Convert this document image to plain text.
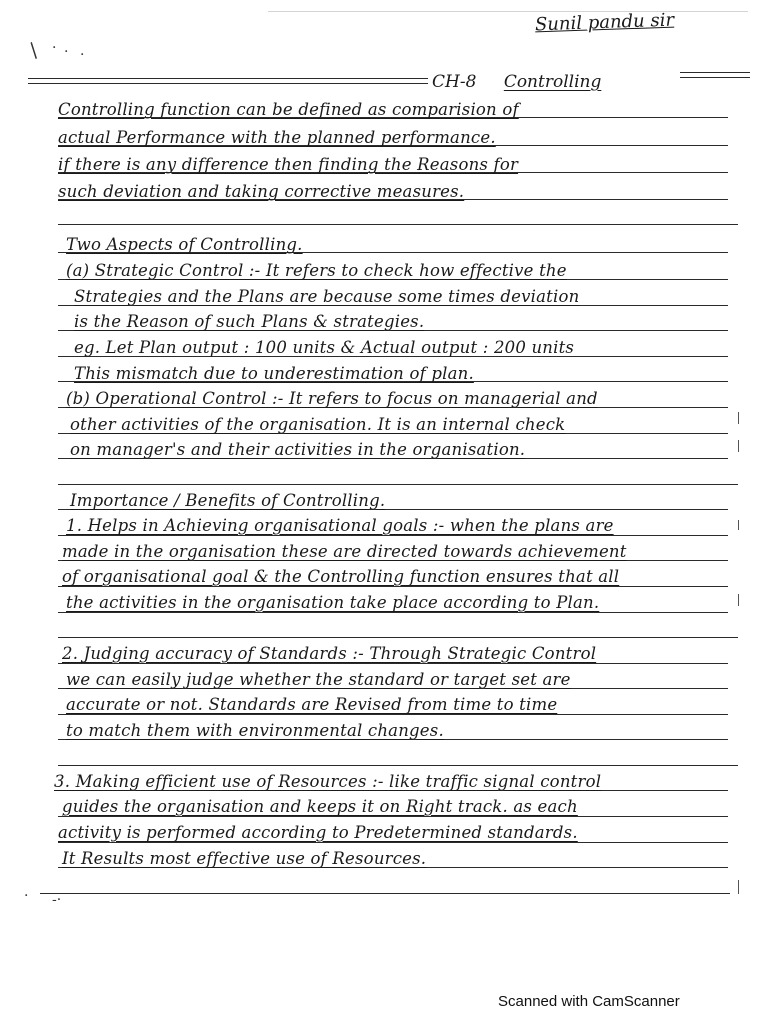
Sunil pandu sir
/ · · ·
CH-8 Controlling
Controlling function can be defined as comparision of
actual Performance with the planned performance.
if there is any difference then finding the Reasons for
such deviation and taking corrective measures.
Two Aspects of Controlling.
(a) Strategic Control :- It refers to check how effective the
Strategies and the Plans are because some times deviation
is the Reason of such Plans & strategies.
eg. Let Plan output : 100 units & Actual output : 200 units
This mismatch due to underestimation of plan.
(b) Operational Control :- It refers to focus on managerial and
other activities of the organisation. It is an internal check
on manager's and their activities in the organisation.
Importance / Benefits of Controlling.
1. Helps in Achieving organisational goals :- when the plans are
made in the organisation these are directed towards achievement
of organisational goal & the Controlling function ensures that all
the activities in the organisation take place according to Plan.
2. Judging accuracy of Standards :- Through Strategic Control
we can easily judge whether the standard or target set are
accurate or not. Standards are Revised from time to time
to match them with environmental changes.
3. Making efficient use of Resources :- like traffic signal control
guides the organisation and keeps it on Right track. as each
activity is performed according to Predetermined standards.
It Results most effective use of Resources.
· -·
Scanned with CamScanner
